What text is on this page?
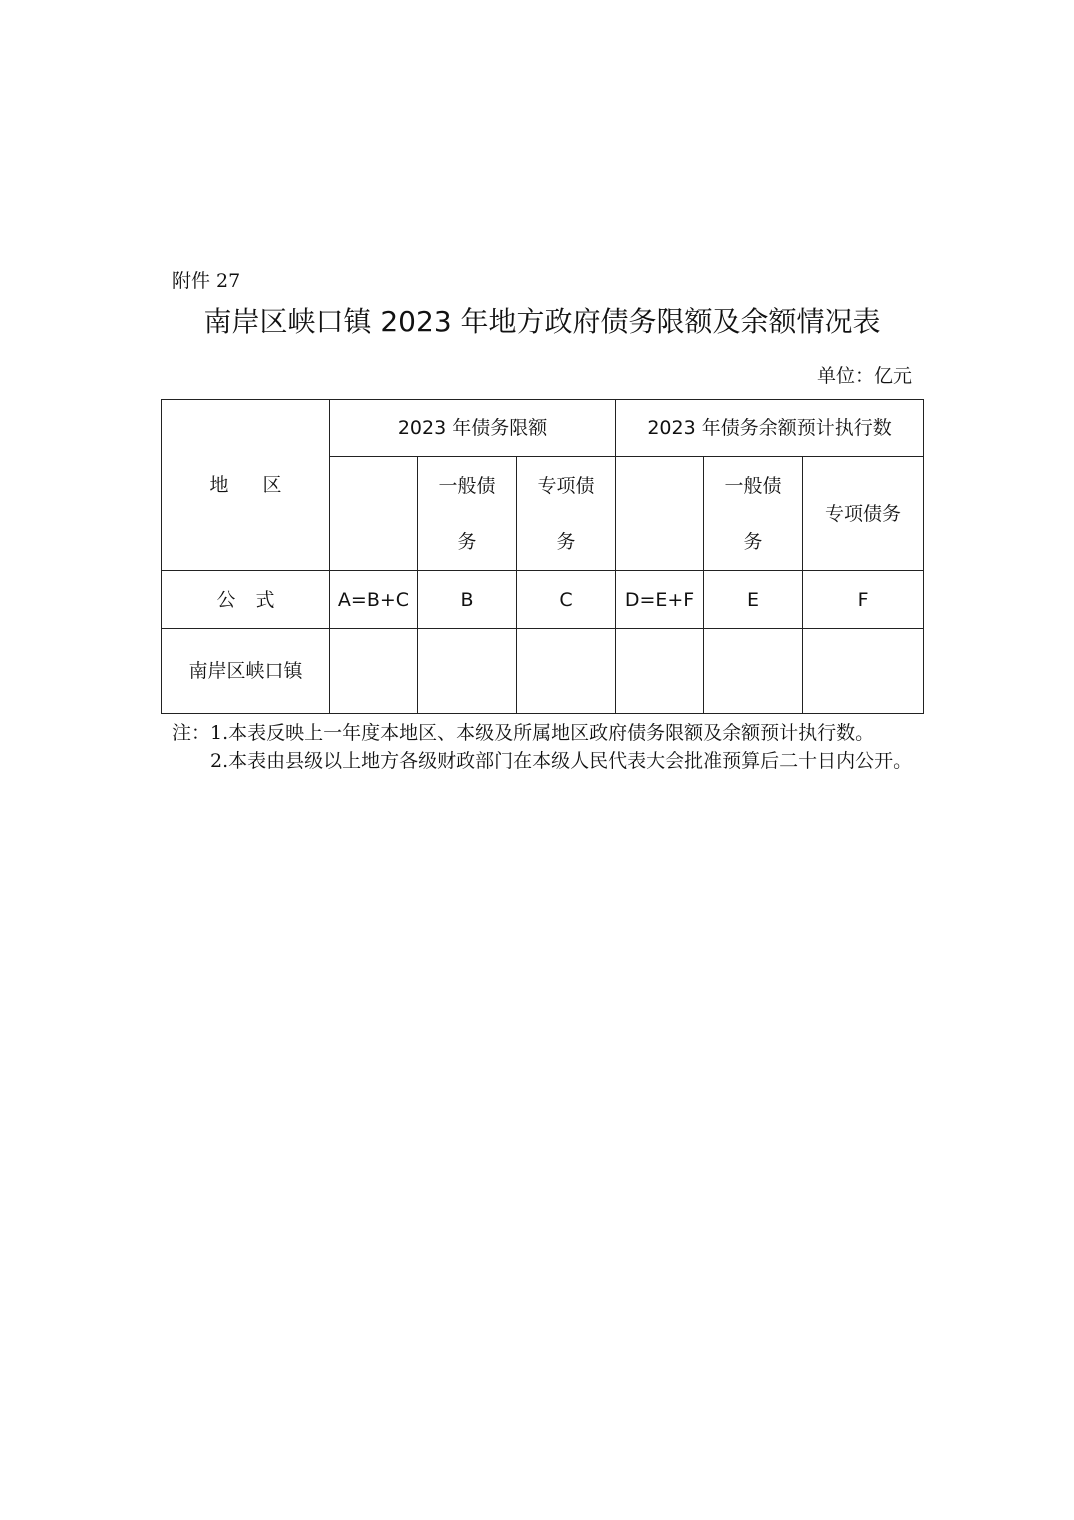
附件 27
南岸区峡口镇 2023 年地方政府债务限额及余额情况表
单位：亿元
地区	2023 年债务限额			2023 年债务余额预计执行数		
		一般债务	专项债务		一般债务	专项债务
公式	A=B+C	B	C	D=E+F	E	F
南岸区峡口镇						

注：1.本表反映上一年度本地区、本级及所属地区政府债务限额及余额预计执行数。

2.本表由县级以上地方各级财政部门在本级人民代表大会批准预算后二十日内公开。
